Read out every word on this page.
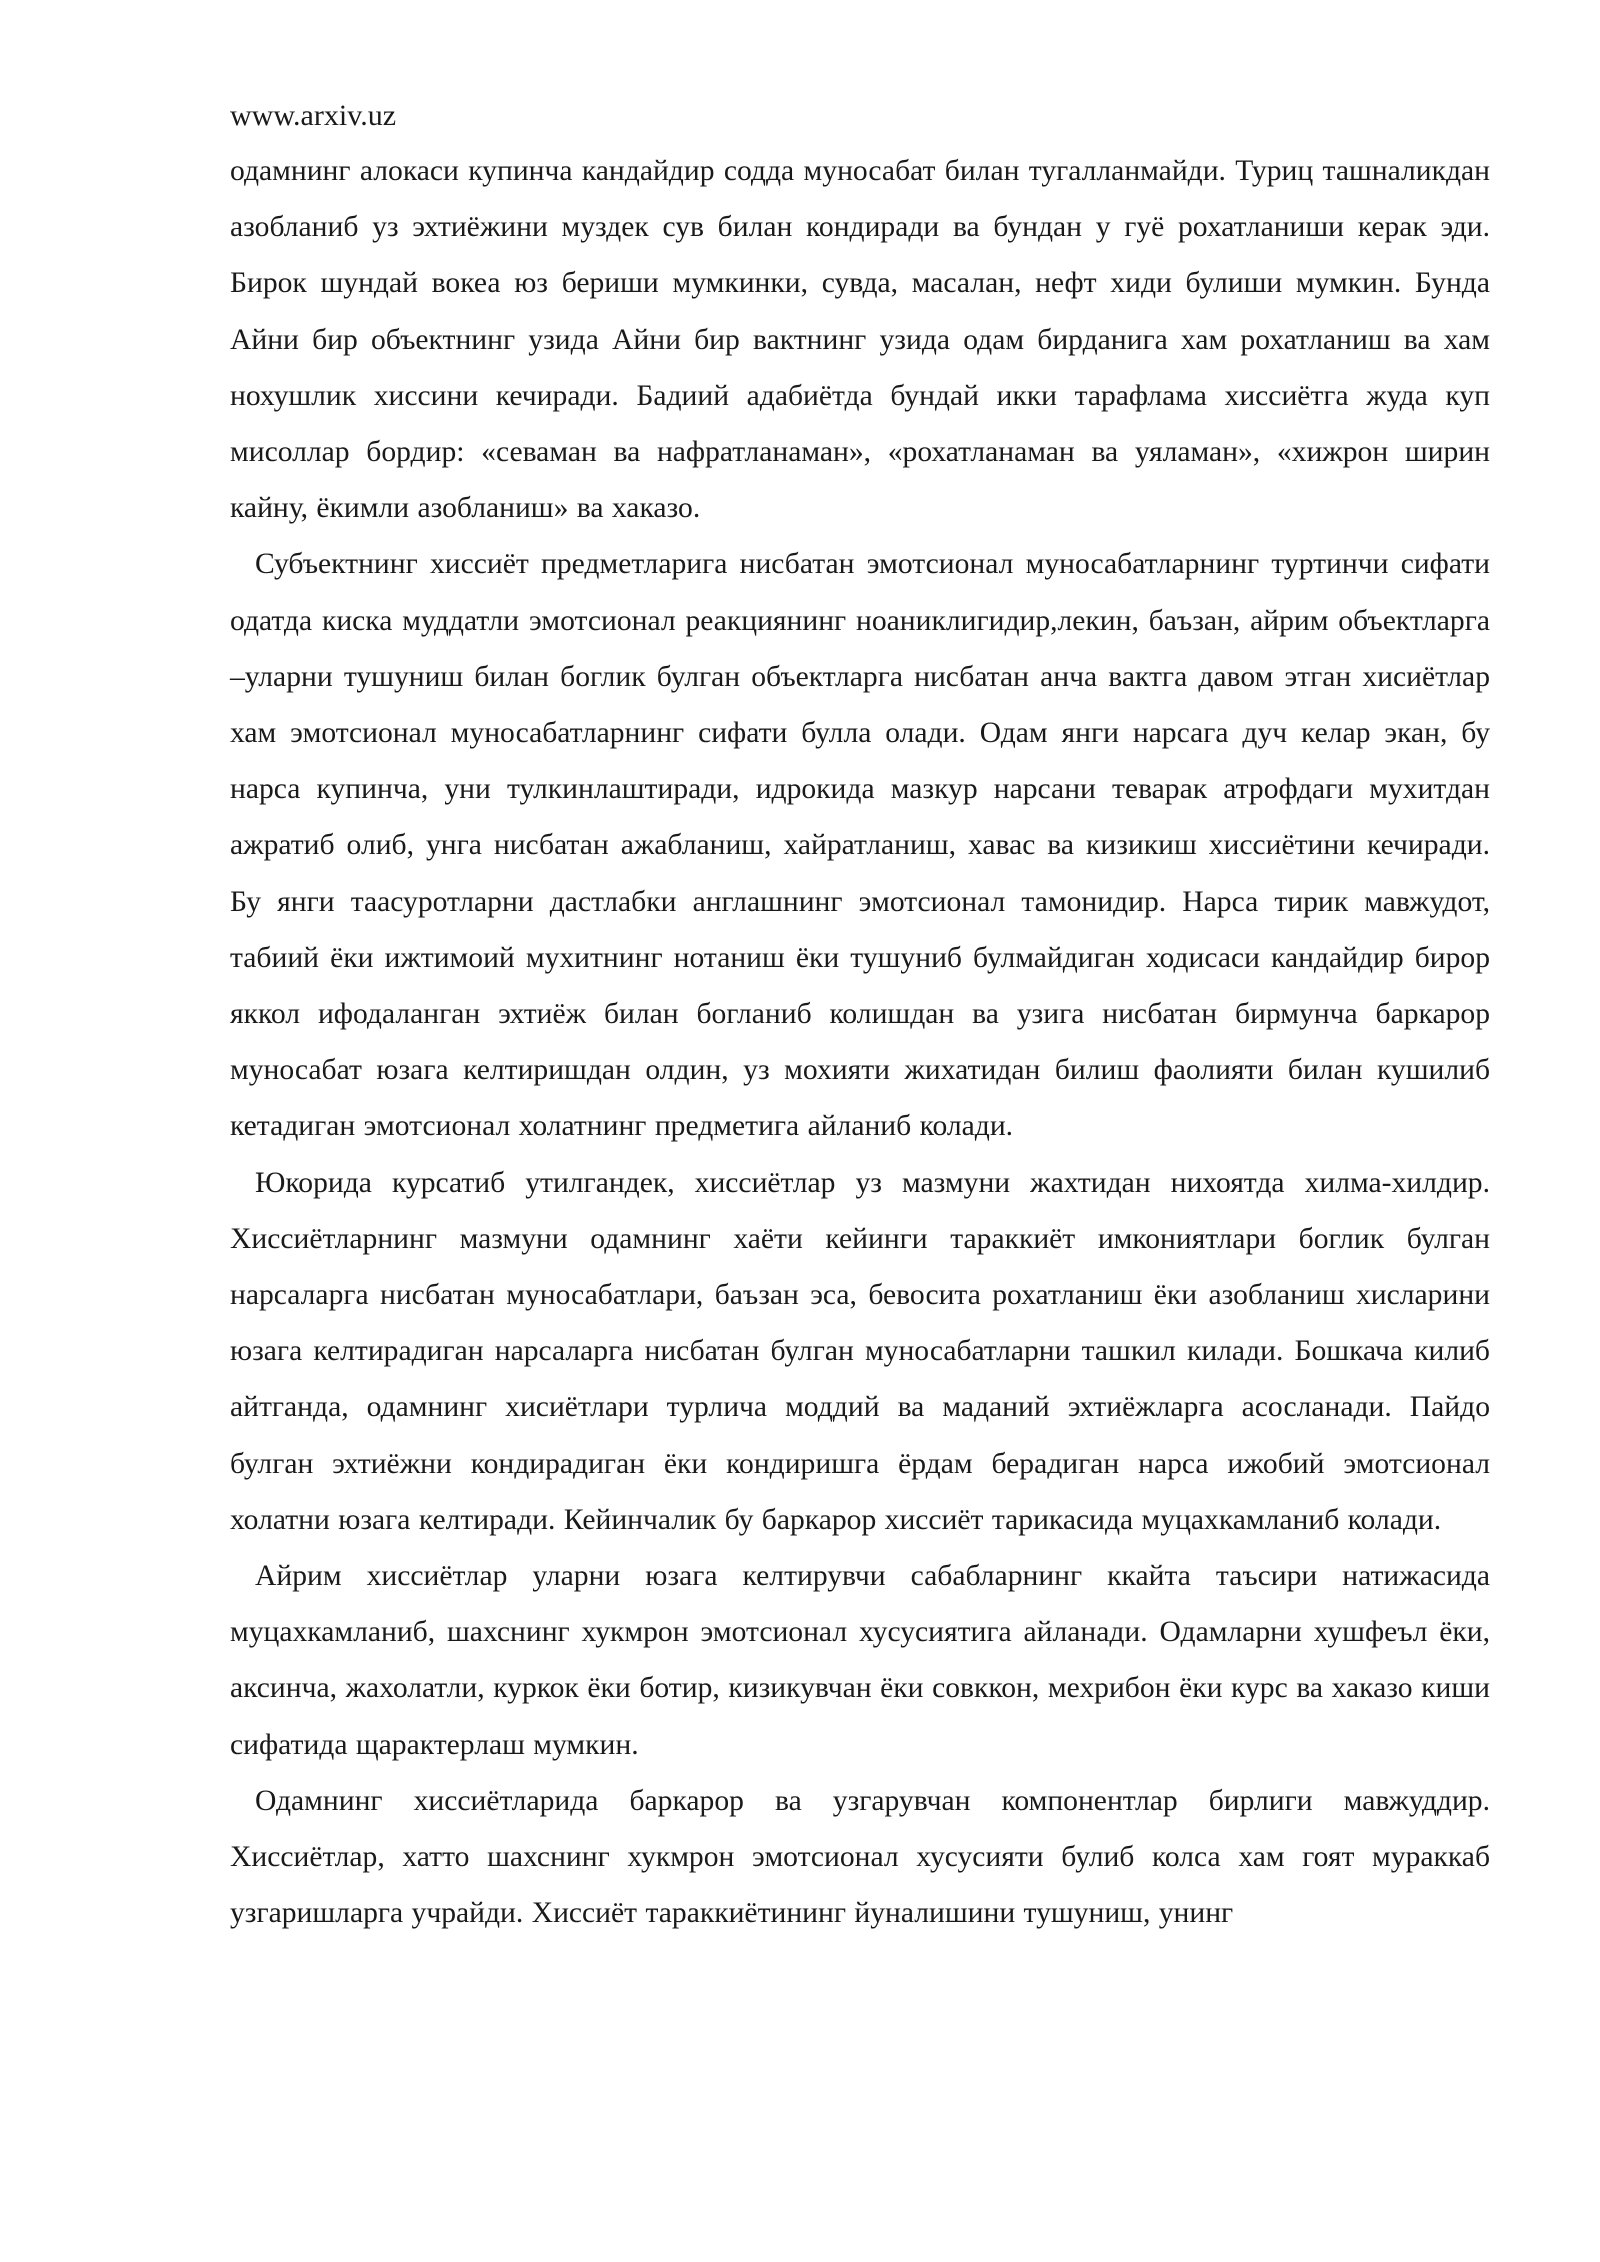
www.arxiv.uz

одамнинг алокаси купинча кандайдир содда муносабат билан тугалланмайди. Туриц ташналикдан азобланиб уз эхтиёжини муздек сув билан кондиради ва бундан у гуё рохатланиши керак эди. Бирок шундай вокеа юз бериши мумкинки, сувда, масалан, нефт хиди булиши мумкин. Бунда Айни бир объектнинг узида Айни бир вактнинг узида одам бирданига хам рохатланиш ва хам нохушлик хиссини кечиради. Бадиий адабиётда бундай икки тарафлама хиссиётга жуда куп мисоллар бордир: «севаман ва нафратланаман», «рохатланаман ва уяламан», «хижрон ширин кайну, ёкимли азобланиш» ва хаказо.

Субъектнинг хиссиёт предметларига нисбатан эмотсионал муносабатларнинг туртинчи сифати одатда киска муддатли эмотсионал реакциянинг ноаниклигидир,лекин, баъзан, айрим объектларга –уларни тушуниш билан боглик булган объектларга нисбатан анча вактга давом этган хисиётлар хам эмотсионал муносабатларнинг сифати булла олади. Одам янги нарсага дуч келар экан, бу нарса купинча, уни тулкинлаштиради, идрокида мазкур нарсани теварак атрофдаги мухитдан ажратиб олиб, унга нисбатан ажабланиш, хайратланиш, хавас ва кизикиш хиссиётини кечиради. Бу янги таасуротларни дастлабки англашнинг эмотсионал тамонидир. Нарса тирик мавжудот, табиий ёки ижтимоий мухитнинг нотаниш ёки тушуниб булмайдиган ходисаси кандайдир бирор яккол ифодаланган эхтиёж билан богланиб колишдан ва узига нисбатан бирмунча баркарор муносабат юзага келтиришдан олдин, уз мохияти жихатидан билиш фаолияти билан кушилиб кетадиган эмотсионал холатнинг предметига айланиб колади.

Юкорида курсатиб утилгандек, хиссиётлар уз мазмуни жахтидан нихоятда хилма-хилдир. Хиссиётларнинг мазмуни одамнинг хаёти кейинги тараккиёт имкониятлари боглик булган нарсаларга нисбатан муносабатлари, баъзан эса, бевосита рохатланиш ёки азобланиш хисларини юзага келтирадиган нарсаларга нисбатан булган муносабатларни ташкил килади. Бошкача килиб айтганда, одамнинг хисиётлари турлича моддий ва маданий эхтиёжларга асосланади. Пайдо булган эхтиёжни кондирадиган ёки кондиришга ёрдам берадиган нарса ижобий эмотсионал холатни юзага келтиради. Кейинчалик бу баркарор хиссиёт тарикасида муцахкамланиб колади.

Айрим хиссиётлар уларни юзага келтирувчи сабабларнинг ккайта таъсири натижасида муцахкамланиб, шахснинг хукмрон эмотсионал хусусиятига айланади. Одамларни хушфеъл ёки, аксинча, жахолатли, куркок ёки ботир, кизикувчан ёки совккон, мехрибон ёки курс ва хаказо киши сифатида щарактерлаш мумкин.

Одамнинг хиссиётларида баркарор ва узгарувчан компонентлар бирлиги мавжуддир. Хиссиётлар, хатто шахснинг хукмрон эмотсионал хусусияти булиб колса хам гоят мураккаб узгаришларга учрайди. Хиссиёт тараккиётининг йуналишини тушуниш, унинг
